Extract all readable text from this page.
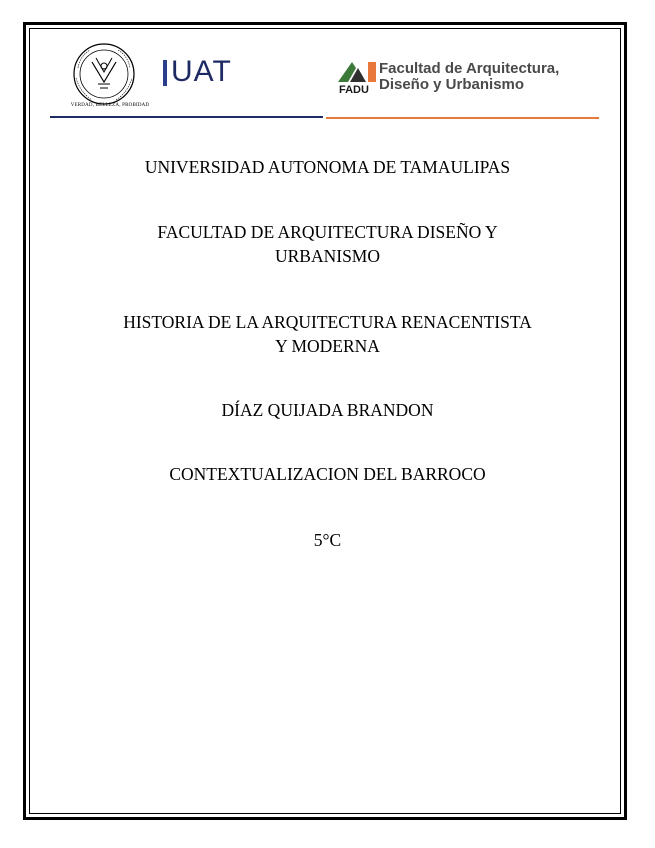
VERDAD, BELLEZA, PROBIDAD
UAT
FADU
Facultad de Arquitectura,
Diseño y Urbanismo
UNIVERSIDAD AUTONOMA DE TAMAULIPAS
FACULTAD DE ARQUITECTURA DISEÑO Y
URBANISMO
HISTORIA DE LA ARQUITECTURA RENACENTISTA
Y MODERNA
DÍAZ QUIJADA BRANDON
CONTEXTUALIZACION DEL BARROCO
5°C
